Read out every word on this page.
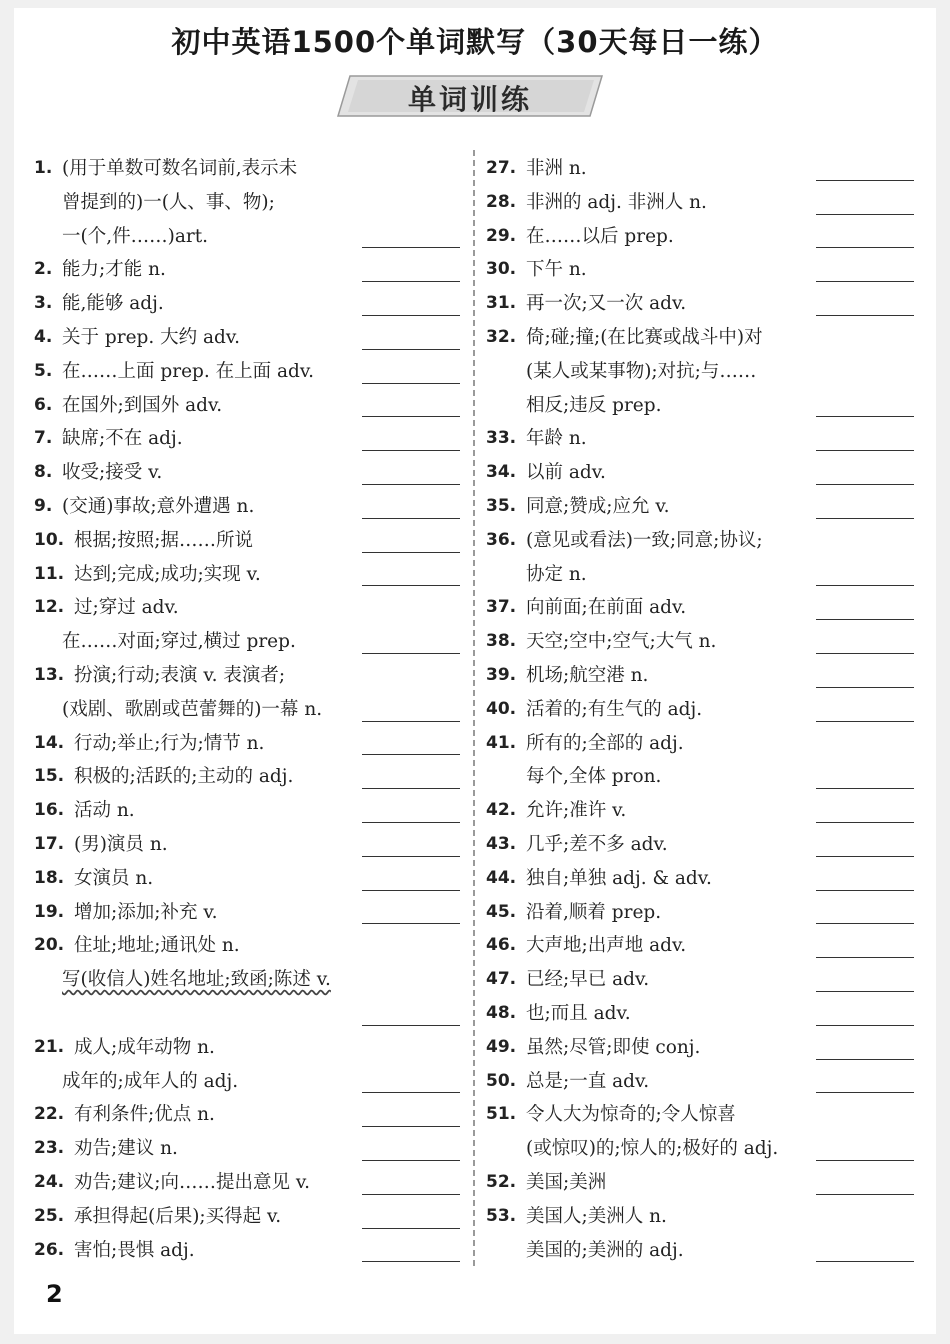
初中英语1500个单词默写（30天每日一练）
单词训练
1. (用于单数可数名词前,表示未
曾提到的)一(人、事、物);
一(个,件……)art.
2. 能力;才能 n.
3. 能,能够 adj.
4. 关于 prep. 大约 adv.
5. 在……上面 prep. 在上面 adv.
6. 在国外;到国外 adv.
7. 缺席;不在 adj.
8. 收受;接受 v.
9. (交通)事故;意外遭遇 n.
10. 根据;按照;据……所说
11. 达到;完成;成功;实现 v.
12. 过;穿过 adv.
在……对面;穿过,横过 prep.
13. 扮演;行动;表演 v. 表演者;
(戏剧、歌剧或芭蕾舞的)一幕 n.
14. 行动;举止;行为;情节 n.
15. 积极的;活跃的;主动的 adj.
16. 活动 n.
17. (男)演员 n.
18. 女演员 n.
19. 增加;添加;补充 v.
20. 住址;地址;通讯处 n.
写(收信人)姓名地址;致函;陈述 v.
21. 成人;成年动物 n.
成年的;成年人的 adj.
22. 有利条件;优点 n.
23. 劝告;建议 n.
24. 劝告;建议;向……提出意见 v.
25. 承担得起(后果);买得起 v.
26. 害怕;畏惧 adj.
27. 非洲 n.
28. 非洲的 adj. 非洲人 n.
29. 在……以后 prep.
30. 下午 n.
31. 再一次;又一次 adv.
32. 倚;碰;撞;(在比赛或战斗中)对
(某人或某事物);对抗;与……
相反;违反 prep.
33. 年龄 n.
34. 以前 adv.
35. 同意;赞成;应允 v.
36. (意见或看法)一致;同意;协议;
协定 n.
37. 向前面;在前面 adv.
38. 天空;空中;空气;大气 n.
39. 机场;航空港 n.
40. 活着的;有生气的 adj.
41. 所有的;全部的 adj.
每个,全体 pron.
42. 允许;准许 v.
43. 几乎;差不多 adv.
44. 独自;单独 adj. & adv.
45. 沿着,顺着 prep.
46. 大声地;出声地 adv.
47. 已经;早已 adv.
48. 也;而且 adv.
49. 虽然;尽管;即使 conj.
50. 总是;一直 adv.
51. 令人大为惊奇的;令人惊喜
(或惊叹)的;惊人的;极好的 adj.
52. 美国;美洲
53. 美国人;美洲人 n.
美国的;美洲的 adj.
2
